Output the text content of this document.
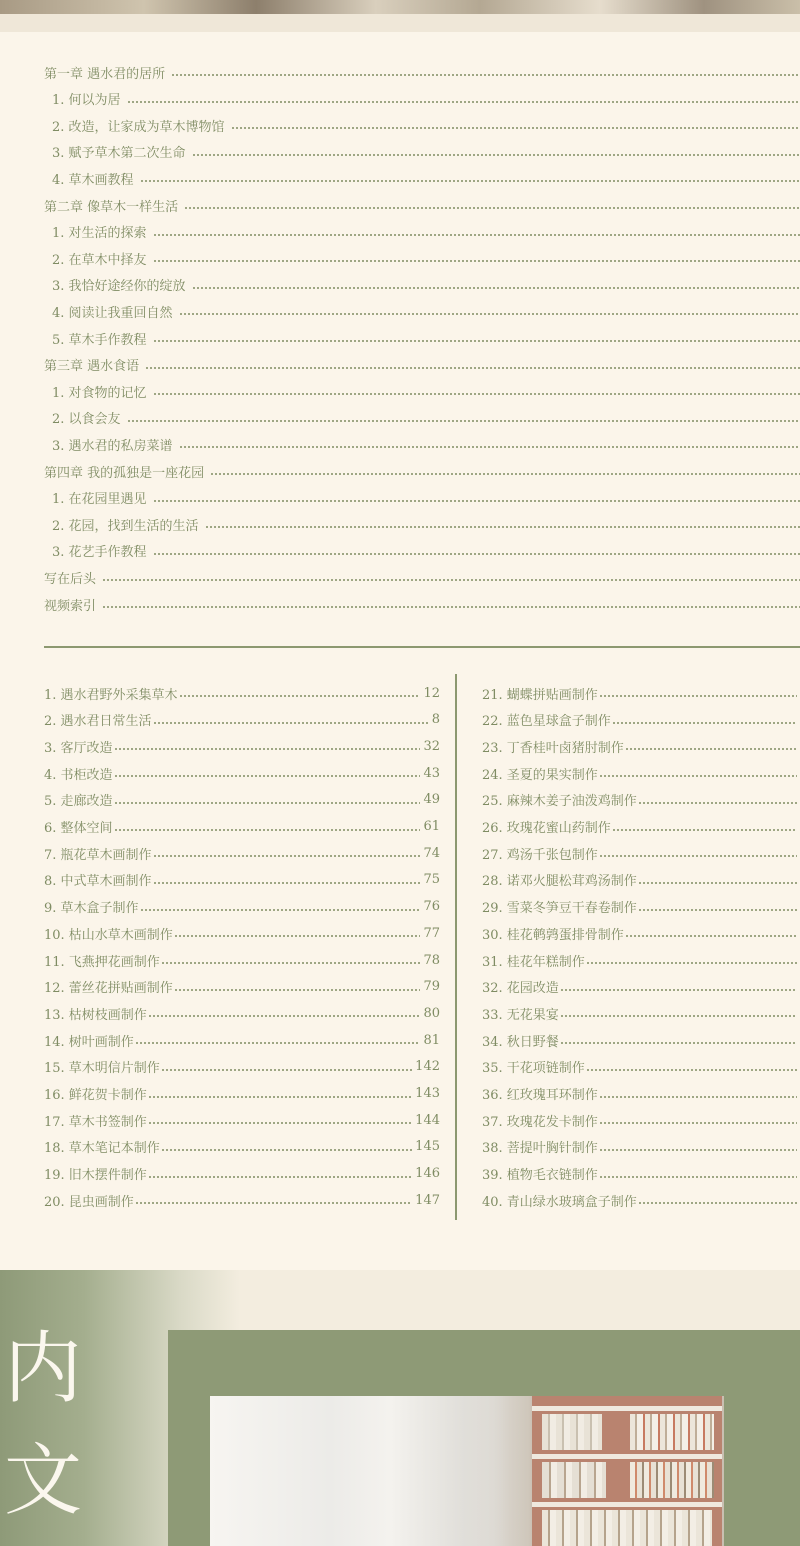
第一章 遇水君的居所
1. 何以为居
2. 改造，让家成为草木博物馆
3. 赋予草木第二次生命
4. 草木画教程
第二章 像草木一样生活
1. 对生活的探索
2. 在草木中择友
3. 我恰好途经你的绽放
4. 阅读让我重回自然
5. 草木手作教程
第三章 遇水食语
1. 对食物的记忆
2. 以食会友
3. 遇水君的私房菜谱
第四章 我的孤独是一座花园
1. 在花园里遇见
2. 花园，找到生活的生活
3. 花艺手作教程
写在后头
视频索引
1. 遇水君野外采集草木	12
2. 遇水君日常生活	8
3. 客厅改造	32
4. 书柜改造	43
5. 走廊改造	49
6. 整体空间	61
7. 瓶花草木画制作	74
8. 中式草木画制作	75
9. 草木盒子制作	76
10. 枯山水草木画制作	77
11. 飞燕押花画制作	78
12. 蕾丝花拼贴画制作	79
13. 枯树枝画制作	80
14. 树叶画制作	81
15. 草木明信片制作	142
16. 鲜花贺卡制作	143
17. 草木书签制作	144
18. 草木笔记本制作	145
19. 旧木摆件制作	146
20. 昆虫画制作	147
21. 蝴蝶拼贴画制作
22. 蓝色星球盒子制作
23. 丁香桂叶卤猪肘制作
24. 圣夏的果实制作
25. 麻辣木姜子油泼鸡制作
26. 玫瑰花蜜山药制作
27. 鸡汤千张包制作
28. 诺邓火腿松茸鸡汤制作
29. 雪菜冬笋豆干春卷制作
30. 桂花鹌鹑蛋排骨制作
31. 桂花年糕制作
32. 花园改造
33. 无花果宴
34. 秋日野餐
35. 干花项链制作
36. 红玫瑰耳环制作
37. 玫瑰花发卡制作
38. 菩提叶胸针制作
39. 植物毛衣链制作
40. 青山绿水玻璃盒子制作
内
文
